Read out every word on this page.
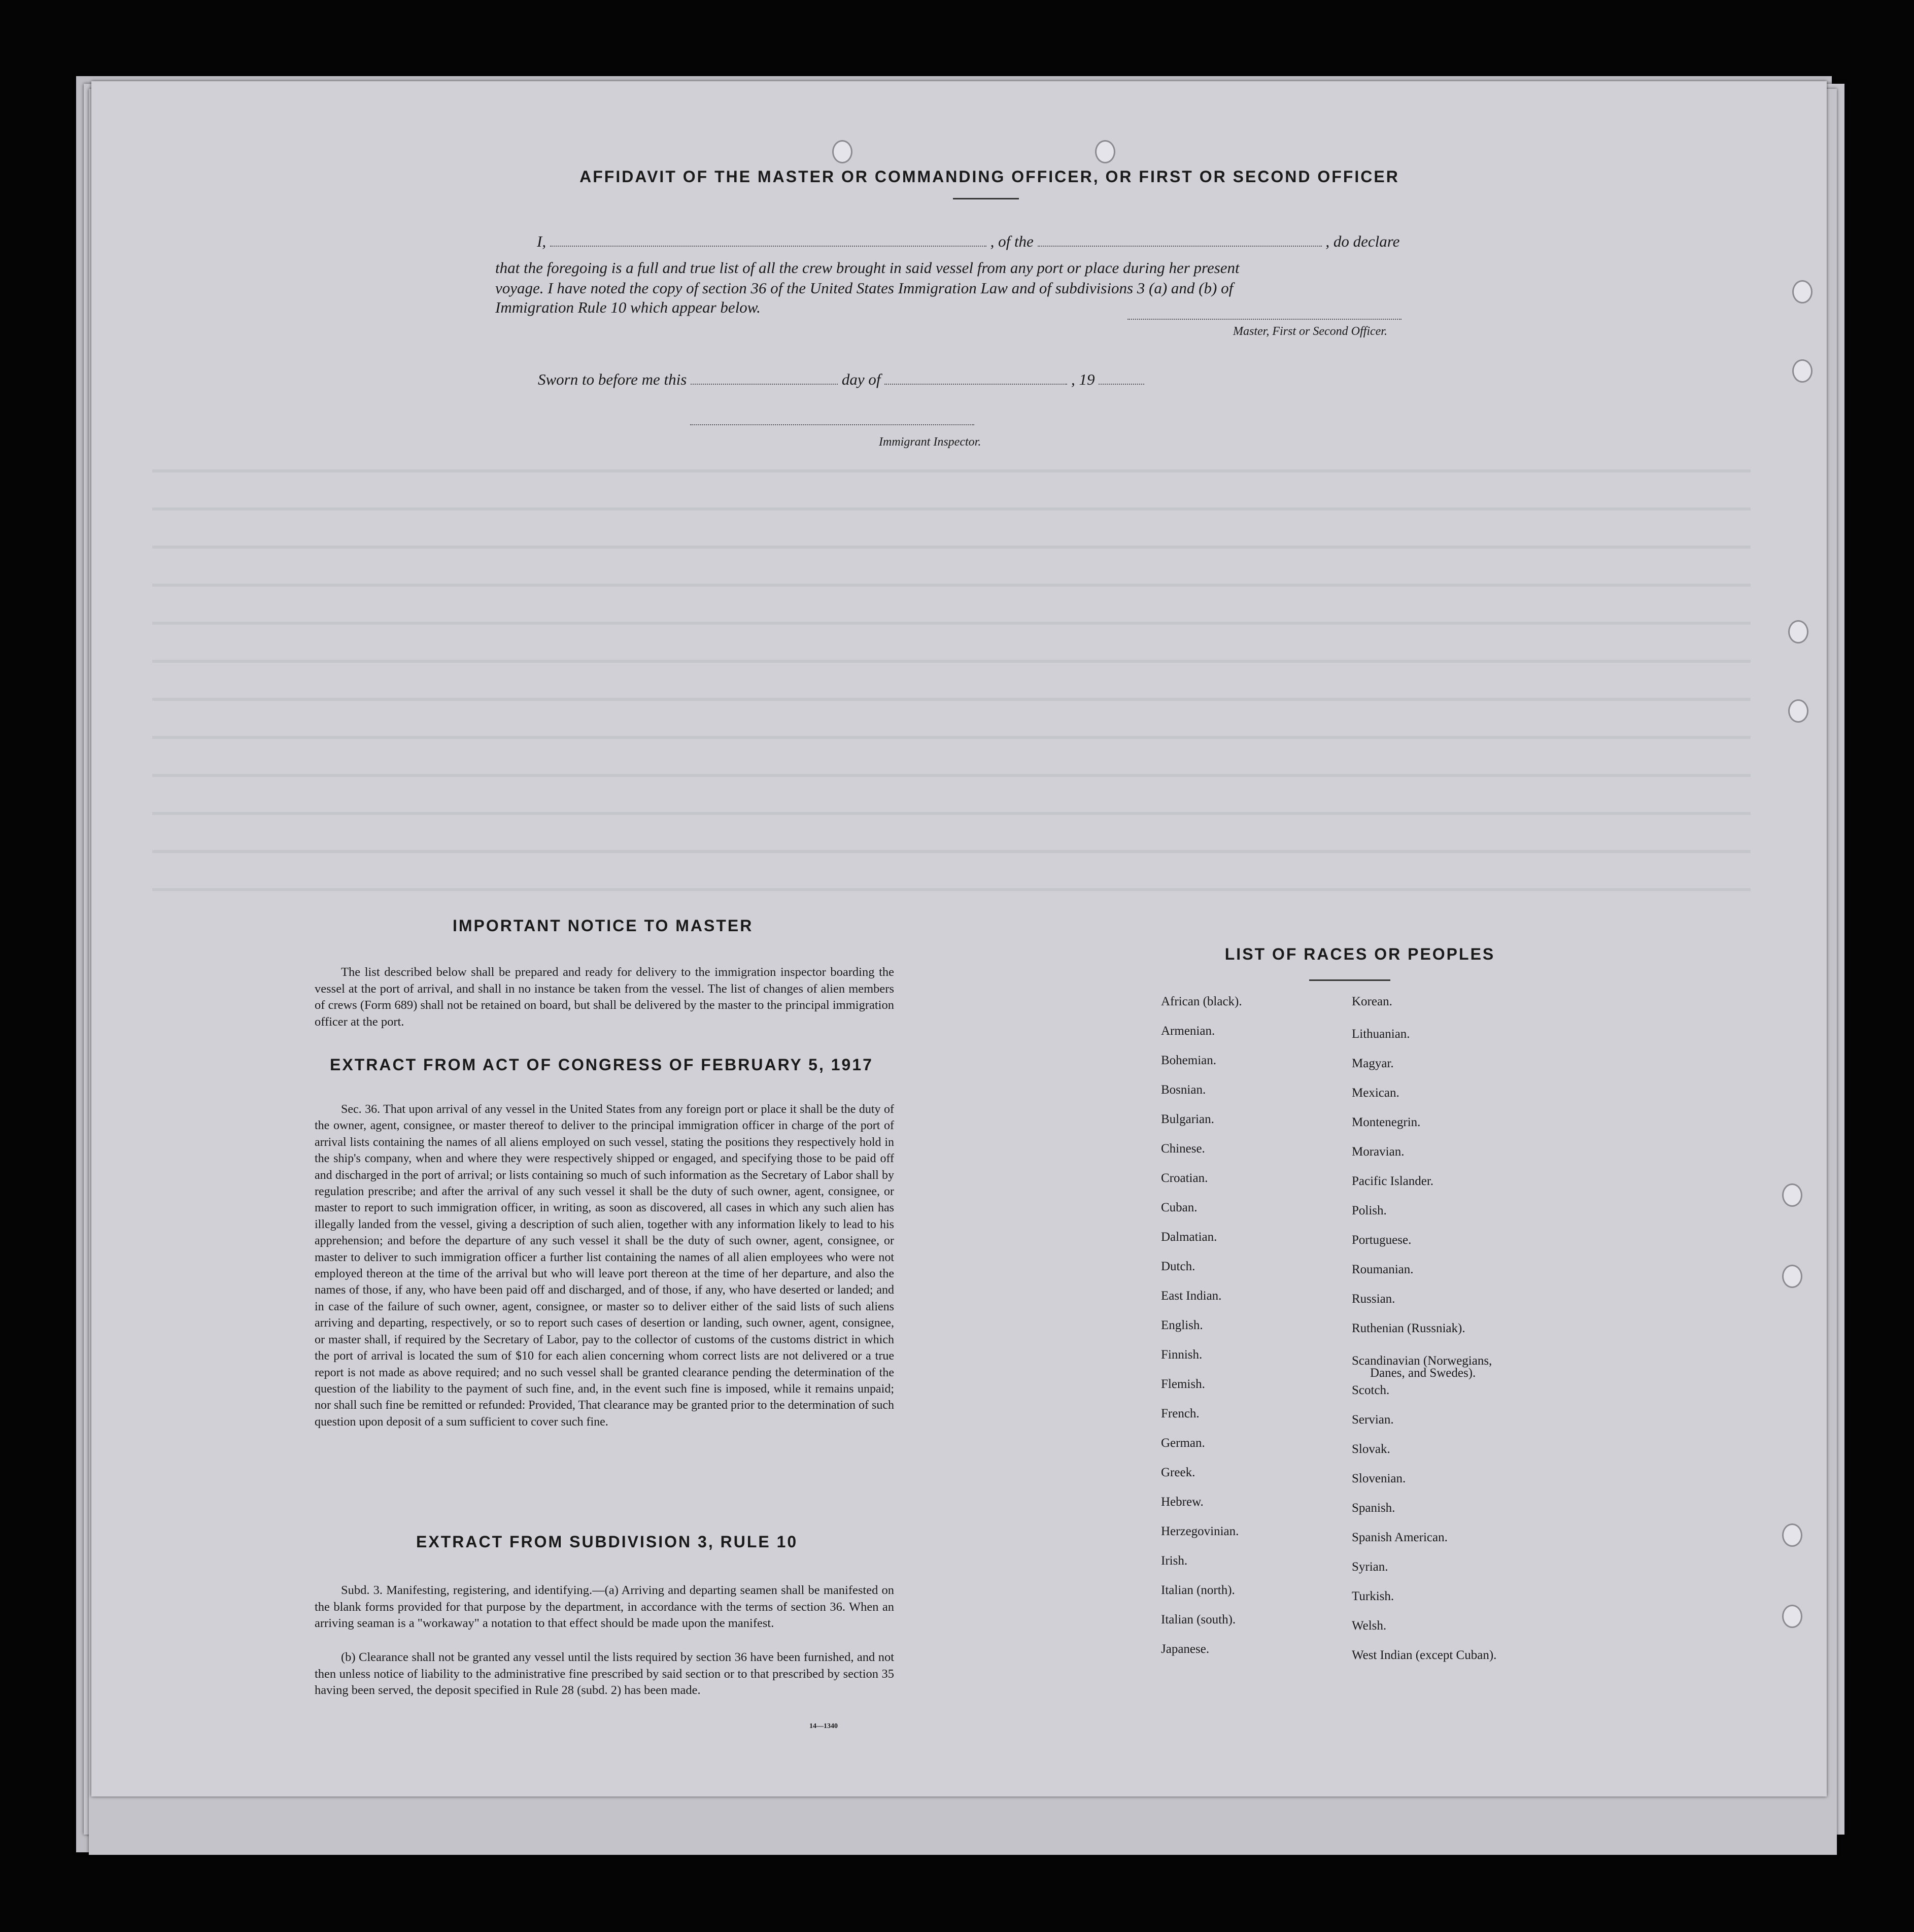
AFFIDAVIT OF THE MASTER OR COMMANDING OFFICER, OR FIRST OR SECOND OFFICER
I,	, of the	, do declare
that the foregoing is a full and true list of all the crew brought in said vessel from any port or place during her present
voyage. I have noted the copy of section 36 of the United States Immigration Law and of subdivisions 3 (a) and (b) of
Immigration Rule 10 which appear below.
Master, First or Second Officer.
Sworn to before me this	day of	, 19
Immigrant Inspector.
IMPORTANT NOTICE TO MASTER
The list described below shall be prepared and ready for delivery to the immigration inspector boarding the vessel at the port of arrival, and shall in no instance be taken from the vessel. The list of changes of alien members of crews (Form 689) shall not be retained on board, but shall be delivered by the master to the principal immigration officer at the port.
EXTRACT FROM ACT OF CONGRESS OF FEBRUARY 5, 1917
Sec. 36. That upon arrival of any vessel in the United States from any foreign port or place it shall be the duty of the owner, agent, consignee, or master thereof to deliver to the principal immigration officer in charge of the port of arrival lists containing the names of all aliens employed on such vessel, stating the positions they respectively hold in the ship's company, when and where they were respectively shipped or engaged, and specifying those to be paid off and discharged in the port of arrival; or lists containing so much of such information as the Secretary of Labor shall by regulation prescribe; and after the arrival of any such vessel it shall be the duty of such owner, agent, consignee, or master to report to such immigration officer, in writing, as soon as discovered, all cases in which any such alien has illegally landed from the vessel, giving a description of such alien, together with any information likely to lead to his apprehension; and before the departure of any such vessel it shall be the duty of such owner, agent, consignee, or master to deliver to such immigration officer a further list containing the names of all alien employees who were not employed thereon at the time of the arrival but who will leave port thereon at the time of her departure, and also the names of those, if any, who have been paid off and discharged, and of those, if any, who have deserted or landed; and in case of the failure of such owner, agent, consignee, or master so to deliver either of the said lists of such aliens arriving and departing, respectively, or so to report such cases of desertion or landing, such owner, agent, consignee, or master shall, if required by the Secretary of Labor, pay to the collector of customs of the customs district in which the port of arrival is located the sum of $10 for each alien concerning whom correct lists are not delivered or a true report is not made as above required; and no such vessel shall be granted clearance pending the determination of the question of the liability to the payment of such fine, and, in the event such fine is imposed, while it remains unpaid; nor shall such fine be remitted or refunded: Provided, That clearance may be granted prior to the determination of such question upon deposit of a sum sufficient to cover such fine.
EXTRACT FROM SUBDIVISION 3, RULE 10
Subd. 3. Manifesting, registering, and identifying.—(a) Arriving and departing seamen shall be manifested on the blank forms provided for that purpose by the department, in accordance with the terms of section 36. When an arriving seaman is a "workaway" a notation to that effect should be made upon the manifest.
(b) Clearance shall not be granted any vessel until the lists required by section 36 have been furnished, and not then unless notice of liability to the administrative fine prescribed by said section or to that prescribed by section 35 having been served, the deposit specified in Rule 28 (subd. 2) has been made.
14—1340
LIST OF RACES OR PEOPLES
African (black).
Armenian.
Bohemian.
Bosnian.
Bulgarian.
Chinese.
Croatian.
Cuban.
Dalmatian.
Dutch.
East Indian.
English.
Finnish.
Flemish.
French.
German.
Greek.
Hebrew.
Herzegovinian.
Irish.
Italian (north).
Italian (south).
Japanese.
Korean.
Lithuanian.
Magyar.
Mexican.
Montenegrin.
Moravian.
Pacific Islander.
Polish.
Portuguese.
Roumanian.
Russian.
Ruthenian (Russniak).
Scandinavian (Norwegians,
Danes, and Swedes).
Scotch.
Servian.
Slovak.
Slovenian.
Spanish.
Spanish American.
Syrian.
Turkish.
Welsh.
West Indian (except Cuban).
